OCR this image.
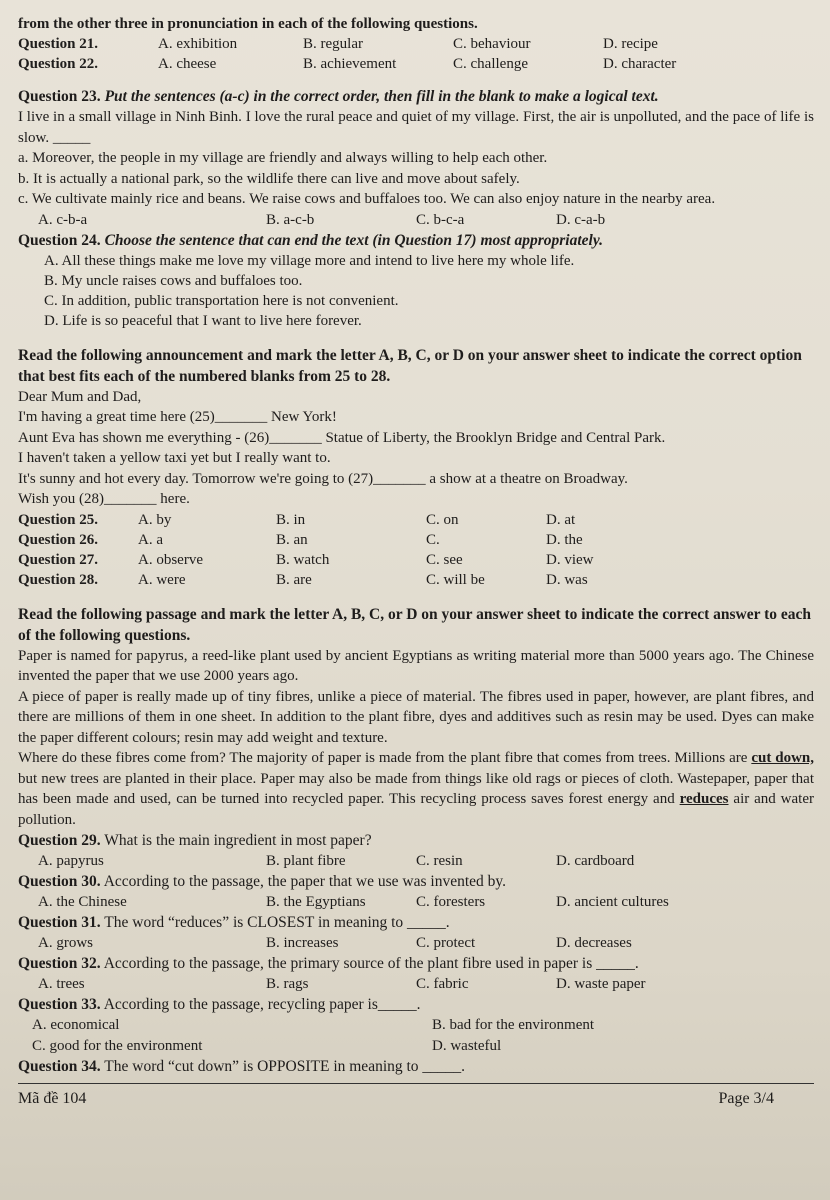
from the other three in pronunciation in each of the following questions.
Question 21.	A. exhibition	B. regular	C. behaviour	D. recipe
Question 22.	A. cheese	B. achievement	C. challenge	D. character
Question 23. Put the sentences (a-c) in the correct order, then fill in the blank to make a logical text.
I live in a small village in Ninh Binh. I love the rural peace and quiet of my village. First, the air is unpolluted, and the pace of life is slow. _____
a. Moreover, the people in my village are friendly and always willing to help each other.
b. It is actually a national park, so the wildlife there can live and move about safely.
c. We cultivate mainly rice and beans. We raise cows and buffaloes too. We can also enjoy nature in the nearby area.
A. c-b-a	B. a-c-b	C. b-c-a	D. c-a-b
Question 24. Choose the sentence that can end the text (in Question 17) most appropriately.
A. All these things make me love my village more and intend to live here my whole life.
B. My uncle raises cows and buffaloes too.
C. In addition, public transportation here is not convenient.
D. Life is so peaceful that I want to live here forever.
Read the following announcement and mark the letter A, B, C, or D on your answer sheet to indicate the correct option that best fits each of the numbered blanks from 25 to 28.
Dear Mum and Dad,
I'm having a great time here (25)_______ New York!
Aunt Eva has shown me everything - (26)_______ Statue of Liberty, the Brooklyn Bridge and Central Park.
I haven't taken a yellow taxi yet but I really want to.
It's sunny and hot every day. Tomorrow we're going to (27)_______ a show at a theatre on Broadway.
Wish you (28)_______ here.
Question 25.	A. by	B. in	C. on	D. at
Question 26.	A. a	B. an	C.	D. the
Question 27.	A. observe	B. watch	C. see	D. view
Question 28.	A. were	B. are	C. will be	D. was
Read the following passage and mark the letter A, B, C, or D on your answer sheet to indicate the correct answer to each of the following questions.
Paper is named for papyrus, a reed-like plant used by ancient Egyptians as writing material more than 5000 years ago. The Chinese invented the paper that we use 2000 years ago.
A piece of paper is really made up of tiny fibres, unlike a piece of material. The fibres used in paper, however, are plant fibres, and there are millions of them in one sheet. In addition to the plant fibre, dyes and additives such as resin may be used. Dyes can make the paper different colours; resin may add weight and texture.
Where do these fibres come from? The majority of paper is made from the plant fibre that comes from trees. Millions are cut down, but new trees are planted in their place. Paper may also be made from things like old rags or pieces of cloth. Wastepaper, paper that has been made and used, can be turned into recycled paper. This recycling process saves forest energy and reduces air and water pollution.
Question 29. What is the main ingredient in most paper?
A. papyrus	B. plant fibre	C. resin	D. cardboard
Question 30. According to the passage, the paper that we use was invented by.
A. the Chinese	B. the Egyptians	C. foresters	D. ancient cultures
Question 31. The word “reduces” is CLOSEST in meaning to _____.
A. grows	B. increases	C. protect	D. decreases
Question 32. According to the passage, the primary source of the plant fibre used in paper is _____.
A. trees	B. rags	C. fabric	D. waste paper
Question 33. According to the passage, recycling paper is_____.
A. economical	B. bad for the environment
C. good for the environment	D. wasteful
Question 34. The word “cut down” is OPPOSITE in meaning to _____.
Mã đề 104	Page 3/4
